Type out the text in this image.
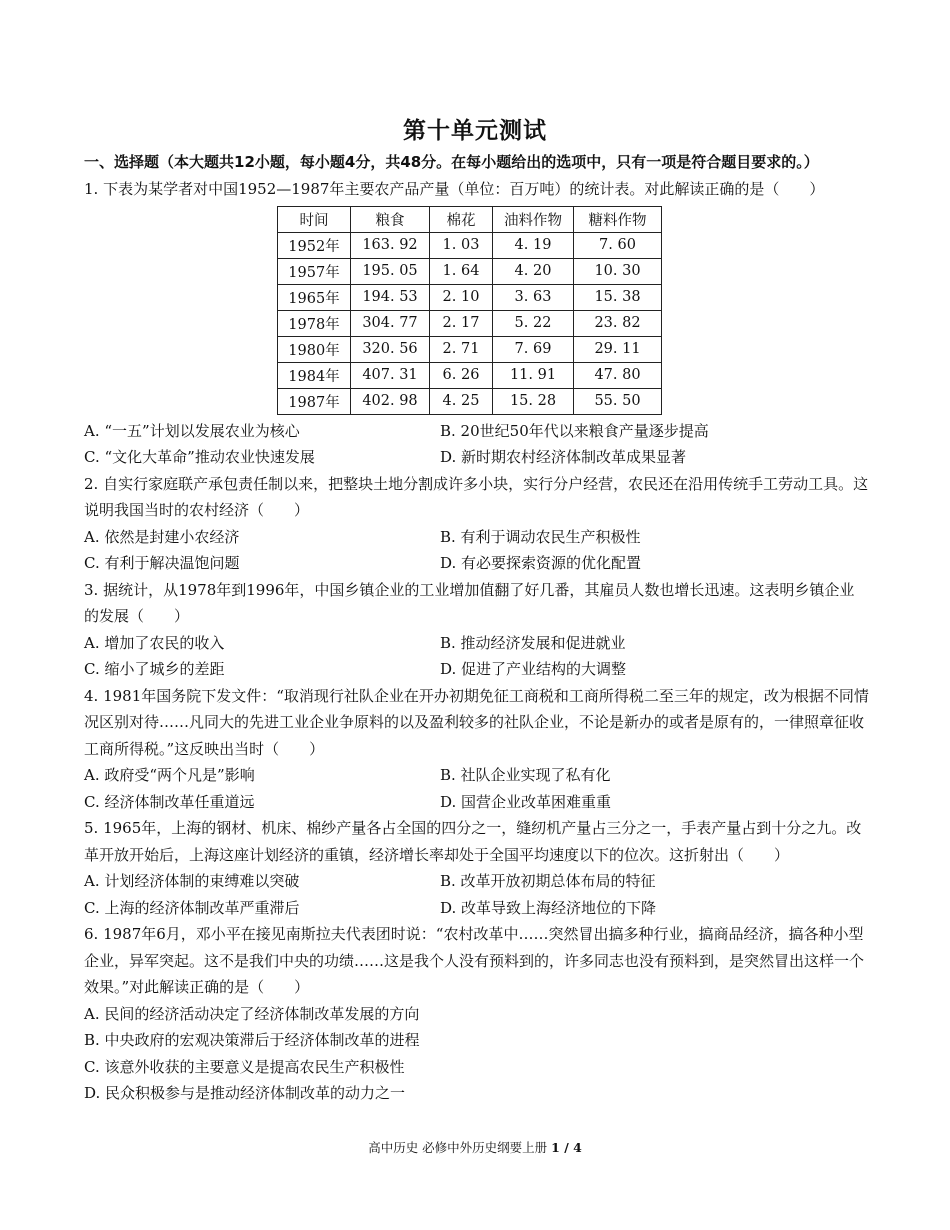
第十单元测试
一、选择题（本大题共12小题，每小题4分，共48分。在每小题给出的选项中，只有一项是符合题目要求的。）

1. 下表为某学者对中国1952—1987年主要农产品产量（单位：百万吨）的统计表。对此解读正确的是（　　）

时间	粮食	棉花	油料作物	糖料作物
1952年	163. 92	1. 03	4. 19	7. 60
1957年	195. 05	1. 64	4. 20	10. 30
1965年	194. 53	2. 10	3. 63	15. 38
1978年	304. 77	2. 17	5. 22	23. 82
1980年	320. 56	2. 71	7. 69	29. 11
1984年	407. 31	6. 26	11. 91	47. 80
1987年	402. 98	4. 25	15. 28	55. 50
A. “一五”计划以发展农业为核心	B. 20世纪50年代以来粮食产量逐步提高
C. “文化大革命”推动农业快速发展	D. 新时期农村经济体制改革成果显著

2. 自实行家庭联产承包责任制以来，把整块土地分割成许多小块，实行分户经营，农民还在沿用传统手工劳动工具。这说明我国当时的农村经济（　　）

A. 依然是封建小农经济	B. 有利于调动农民生产积极性
C. 有利于解决温饱问题	D. 有必要探索资源的优化配置

3. 据统计，从1978年到1996年，中国乡镇企业的工业增加值翻了好几番，其雇员人数也增长迅速。这表明乡镇企业的发展（　　）

A. 增加了农民的收入	B. 推动经济发展和促进就业
C. 缩小了城乡的差距	D. 促进了产业结构的大调整

4. 1981年国务院下发文件：“取消现行社队企业在开办初期免征工商税和工商所得税二至三年的规定，改为根据不同情况区别对待……凡同大的先进工业企业争原料的以及盈利较多的社队企业，不论是新办的或者是原有的，一律照章征收工商所得税。”这反映出当时（　　）

A. 政府受“两个凡是”影响	B. 社队企业实现了私有化
C. 经济体制改革任重道远	D. 国营企业改革困难重重

5. 1965年，上海的钢材、机床、棉纱产量各占全国的四分之一，缝纫机产量占三分之一，手表产量占到十分之九。改革开放开始后，上海这座计划经济的重镇，经济增长率却处于全国平均速度以下的位次。这折射出（　　）

A. 计划经济体制的束缚难以突破	B. 改革开放初期总体布局的特征
C. 上海的经济体制改革严重滞后	D. 改革导致上海经济地位的下降

6. 1987年6月，邓小平在接见南斯拉夫代表团时说：“农村改革中……突然冒出搞多种行业，搞商品经济，搞各种小型企业，异军突起。这不是我们中央的功绩……这是我个人没有预料到的，许多同志也没有预料到，是突然冒出这样一个效果。”对此解读正确的是（　　）

A. 民间的经济活动决定了经济体制改革发展的方向
B. 中央政府的宏观决策滞后于经济体制改革的进程
C. 该意外收获的主要意义是提高农民生产积极性
D. 民众积极参与是推动经济体制改革的动力之一
高中历史 必修中外历史纲要上册 1 / 4
